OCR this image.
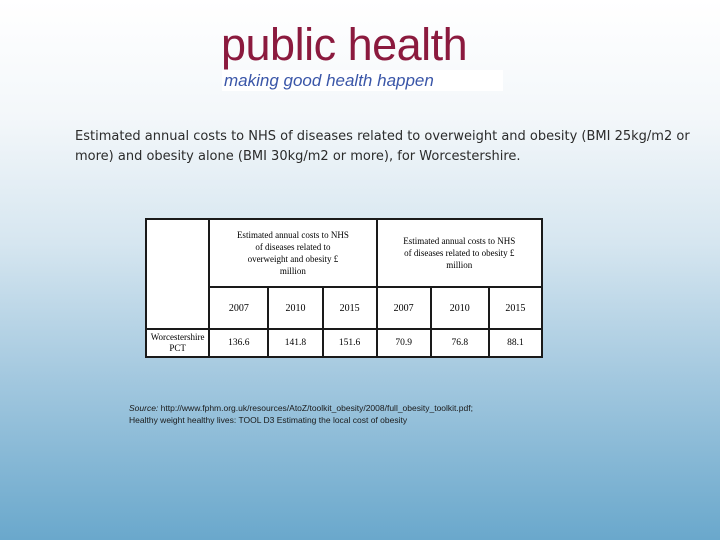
public health
making good health happen
Estimated annual costs to NHS of diseases related to overweight and obesity (BMI 25kg/m2 or more) and obesity alone (BMI 30kg/m2 or more), for Worcestershire.
	Estimated annual costs to NHS of diseases related to overweight and obesity £ million			Estimated annual costs to NHS of diseases related to obesity £ million		
	2007	2010	2015	2007	2010	2015
Worcestershire PCT	136.6	141.8	151.6	70.9	76.8	88.1
Source: http://www.fphm.org.uk/resources/AtoZ/toolkit_obesity/2008/full_obesity_toolkit.pdf;
Healthy weight healthy lives: TOOL D3 Estimating the local cost of obesity
